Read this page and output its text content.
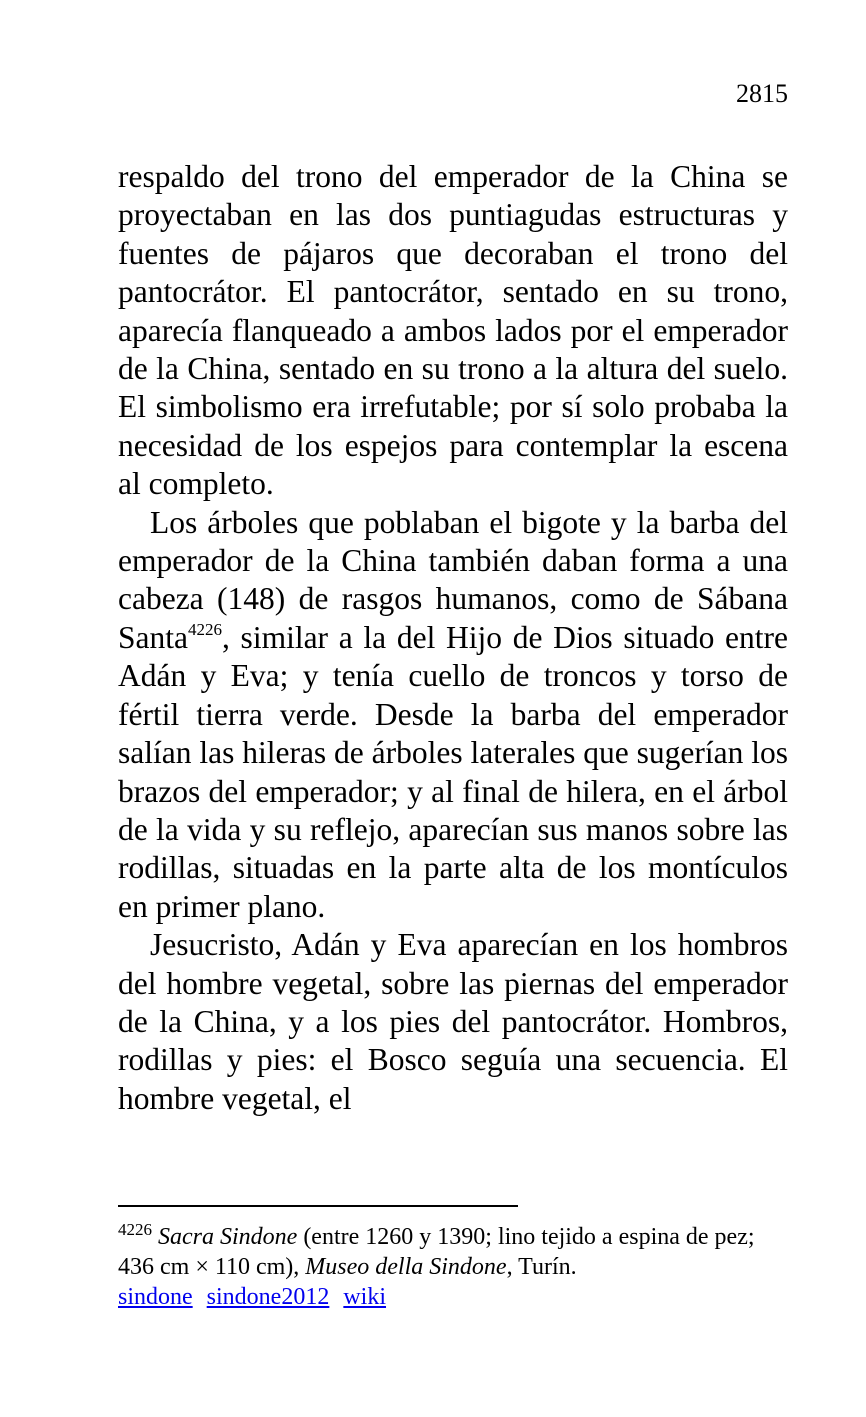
2815

respaldo del trono del emperador de la China se proyectaban en las dos puntiagudas estructuras y fuentes de pájaros que decoraban el trono del pantocrátor. El pantocrátor, sentado en su trono, aparecía flanqueado a ambos lados por el emperador de la China, sentado en su trono a la altura del suelo. El simbolismo era irrefutable; por sí solo probaba la necesidad de los espejos para contemplar la escena al completo.

Los árboles que poblaban el bigote y la barba del emperador de la China también daban forma a una cabeza (148) de rasgos humanos, como de Sábana Santa$^{4226}$, similar a la del Hijo de Dios situado entre Adán y Eva; y tenía cuello de troncos y torso de fértil tierra verde. Desde la barba del emperador salían las hileras de árboles laterales que sugerían los brazos del emperador; y al final de hilera, en el árbol de la vida y su reflejo, aparecían sus manos sobre las rodillas, situadas en la parte alta de los montículos en primer plano.

Jesucristo, Adán y Eva aparecían en los hombros del hombre vegetal, sobre las piernas del emperador de la China, y a los pies del pantocrátor. Hombros, rodillas y pies: el Bosco seguía una secuencia. El hombre vegetal, el

$^{4226}$ Sacra Sindone (entre 1260 y 1390; lino tejido a espina de pez; 436 cm × 110 cm), Museo della Sindone, Turín.

sindone sindone2012 wiki
